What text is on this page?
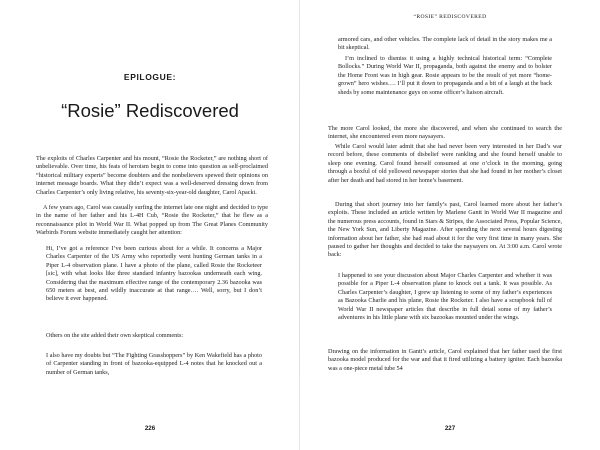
EPILOGUE:
“Rosie” Rediscovered

The exploits of Charles Carpenter and his mount, “Rosie the Rocketer,” are nothing short of unbelievable. Over time, his feats of heroism begin to come into question as self-proclaimed “historical military experts” become doubters and the nonbelievers spewed their opinions on internet message boards. What they didn’t expect was a well-deserved dressing down from Charles Carpenter’s only living relative, his seventy-six-year-old daughter, Carol Apacki.

A few years ago, Carol was casually surfing the internet late one night and decided to type in the name of her father and his L-4H Cub, “Rosie the Rocketer,” that he flew as a reconnaissance pilot in World War II. What popped up from The Great Planes Community Warbirds Forum website immediately caught her attention:

Hi, I’ve got a reference I’ve been curious about for a while. It concerns a Major Charles Carpenter of the US Army who reportedly went hunting German tanks in a Piper L-4 observation plane. I have a photo of the plane, called Rosie the Rocketeer [sic], with what looks like three standard infantry bazookas underneath each wing. Considering that the maximum effective range of the contemporary 2.36 bazooka was 650 meters at best, and wildly inaccurate at that range…. Well, sorry, but I don’t believe it ever happened.

Others on the site added their own skeptical comments:

I also have my doubts but “The Fighting Grasshoppers” by Ken Wakefield has a photo of Carpenter standing in front of bazooka-equipped L-4 notes that he knocked out a number of German tanks,

226
“ROSIE” REDISCOVERED

armored cars, and other vehicles. The complete lack of detail in the story makes me a bit skeptical.

I’m inclined to dismiss it using a highly technical historical term: “Complete Bollocks.” During World War II, propaganda, both against the enemy and to bolster the Home Front was in high gear. Rosie appears to be the result of yet more “home-grown” hero wishes…. I’ll put it down to propaganda and a bit of a laugh at the back sheds by some maintenance guys on some officer’s liaison aircraft.

The more Carol looked, the more she discovered, and when she continued to search the internet, she encountered even more naysayers.

While Carol would later admit that she had never been very interested in her Dad’s war record before, these comments of disbelief were rankling and she found herself unable to sleep one evening. Carol found herself consumed at one o’clock in the morning, going through a boxful of old yellowed newspaper stories that she had found in her mother’s closet after her death and had stored in her home’s basement.

During that short journey into her family’s past, Carol learned more about her father’s exploits. These included an article written by Marlene Gantt in World War II magazine and the numerous press accounts, found in Stars & Stripes, the Associated Press, Popular Science, the New York Sun, and Liberty Magazine. After spending the next several hours digesting information about her father, she had read about it for the very first time in many years. She paused to gather her thoughts and decided to take the naysayers on. At 3:00 a.m. Carol wrote back:

I happened to see your discussion about Major Charles Carpenter and whether it was possible for a Piper L-4 observation plane to knock out a tank. It was possible. As Charles Carpenter’s daughter, I grew up listening to some of my father’s experiences as Bazooka Charlie and his plane, Rosie the Rocketer. I also have a scrapbook full of World War II newspaper articles that describe in full detail some of my father’s adventures in his little plane with six bazookas mounted under the wings.

Drawing on the information in Gantt’s article, Carol explained that her father used the first bazooka model produced for the war and that it fired utilizing a battery igniter. Each bazooka was a one-piece metal tube 54

227
